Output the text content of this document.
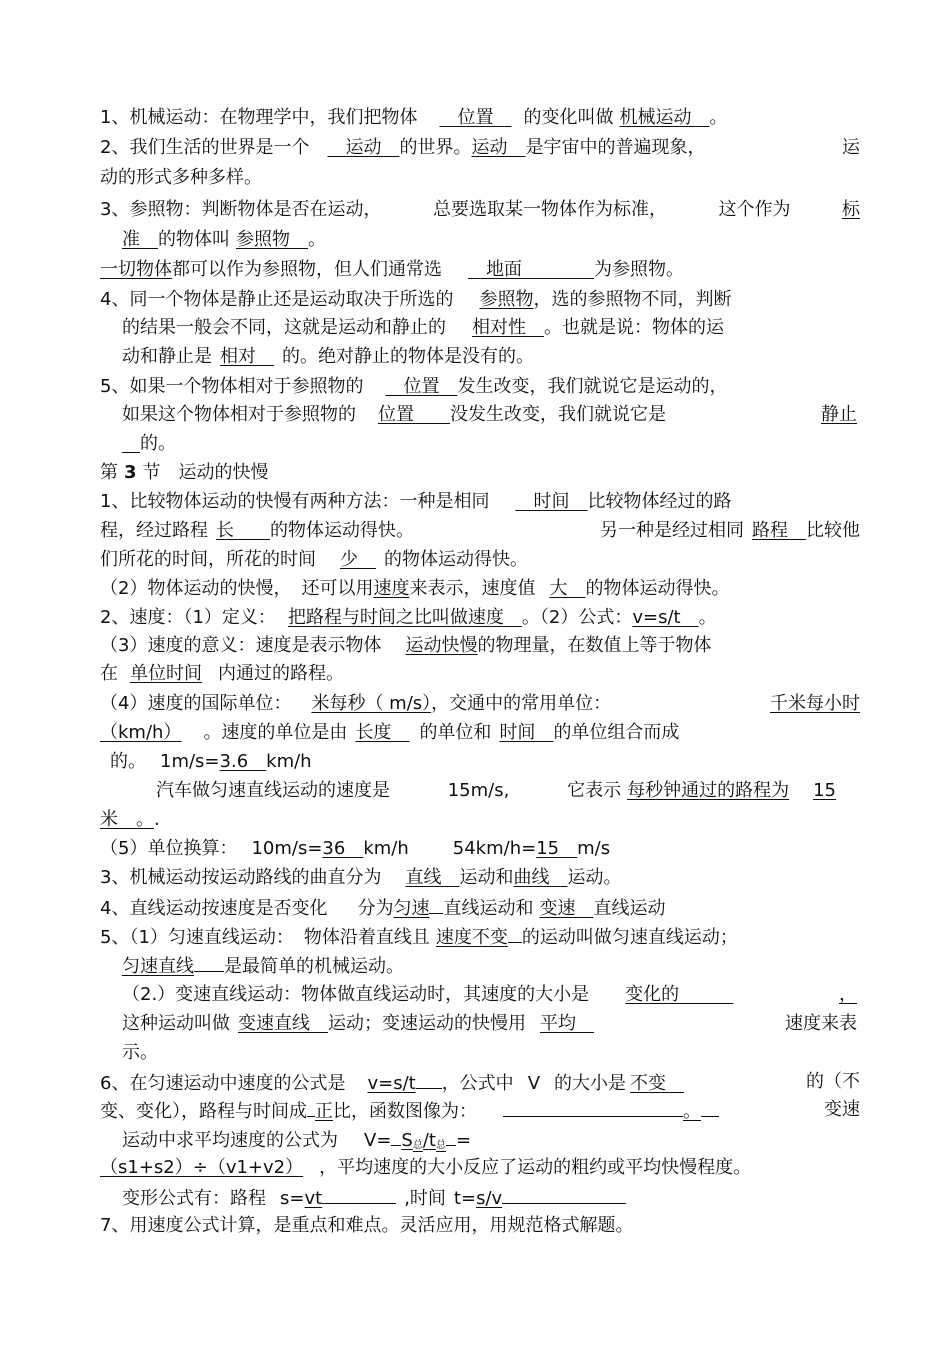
1、机械运动：在物理学中，我们把物体　位置　的变化叫做 机械运动　。
2、我们生活的世界是一个　运动　的世界。运动　是宇宙中的普遍现象，	运
动的形式多种多样。
3、参照物：判断物体是否在运动，	总要选取某一物体作为标准，	这个作为	标
准　的物体叫 参照物　。
一切物体都可以作为参照物，但人们通常选　地面　　　　为参照物。
4、同一个物体是静止还是运动取决于所选的 参照物，选的参照物不同，判断
的结果一般会不同，这就是运动和静止的 相对性　。也就是说：物体的运
动和静止是 相对　的。绝对静止的物体是没有的。
5、如果一个物体相对于参照物的　位置　发生改变，我们就说它是运动的，
如果这个物体相对于参照物的 位置　　没发生改变，我们就说它是	静止
　的。
第 3 节　运动的快慢
1、比较物体运动的快慢有两种方法：一种是相同　时间　比较物体经过的路
程，经过路程 长　　的物体运动得快。	另一种是经过相同 路程　比较他
们所花的时间，所花的时间 少　的物体运动得快。
（2）物体运动的快慢， 还可以用速度来表示，速度值 大　的物体运动得快。
2、速度：（1）定义： 把路程与时间之比叫做速度　。（2）公式：v=s/t　。
（3）速度的意义：速度是表示物体 运动快慢的物理量，在数值上等于物体
在 单位时间 内通过的路程。
（4）速度的国际单位： 米每秒（ m/s），交通中的常用单位：	千米每小时
（km/h） 。速度的单位是由 长度　的单位和 时间　的单位组合而成
的。 1m/s=3.6　km/h
汽车做匀速直线运动的速度是	15m/s,	它表示 每秒钟通过的路程为 15
米　。.
（5）单位换算： 10m/s=36　km/h 54km/h=15　m/s
3、机械运动按运动路线的曲直分为 直线　运动和曲线　运动。
4、直线运动按速度是否变化 分为匀速 直线运动和 变速　直线运动
5、（1）匀速直线运动： 物体沿着直线且 速度不变 的运动叫做匀速直线运动；
匀速直线 是最简单的机械运动。
（2.）变速直线运动：物体做直线运动时，其速度的大小是 变化的　　　	，
这种运动叫做 变速直线　运动；变速运动的快慢用 平均　	速度来表
示。
6、在匀速运动中速度的公式是 v=s/t ，公式中 V 的大小是 不变　	的（不
变、变化），路程与时间成 正比，函数图像为：	。	变速
运动中求平均速度的公式为 $V= S_总/t_总$ =
（s1+s2）÷（v1+v2） ，平均速度的大小反应了运动的粗约或平均快慢程度。
变形公式有：路程 s=vt	,时间 t=s/v
7、用速度公式计算，是重点和难点。灵活应用，用规范格式解题。
